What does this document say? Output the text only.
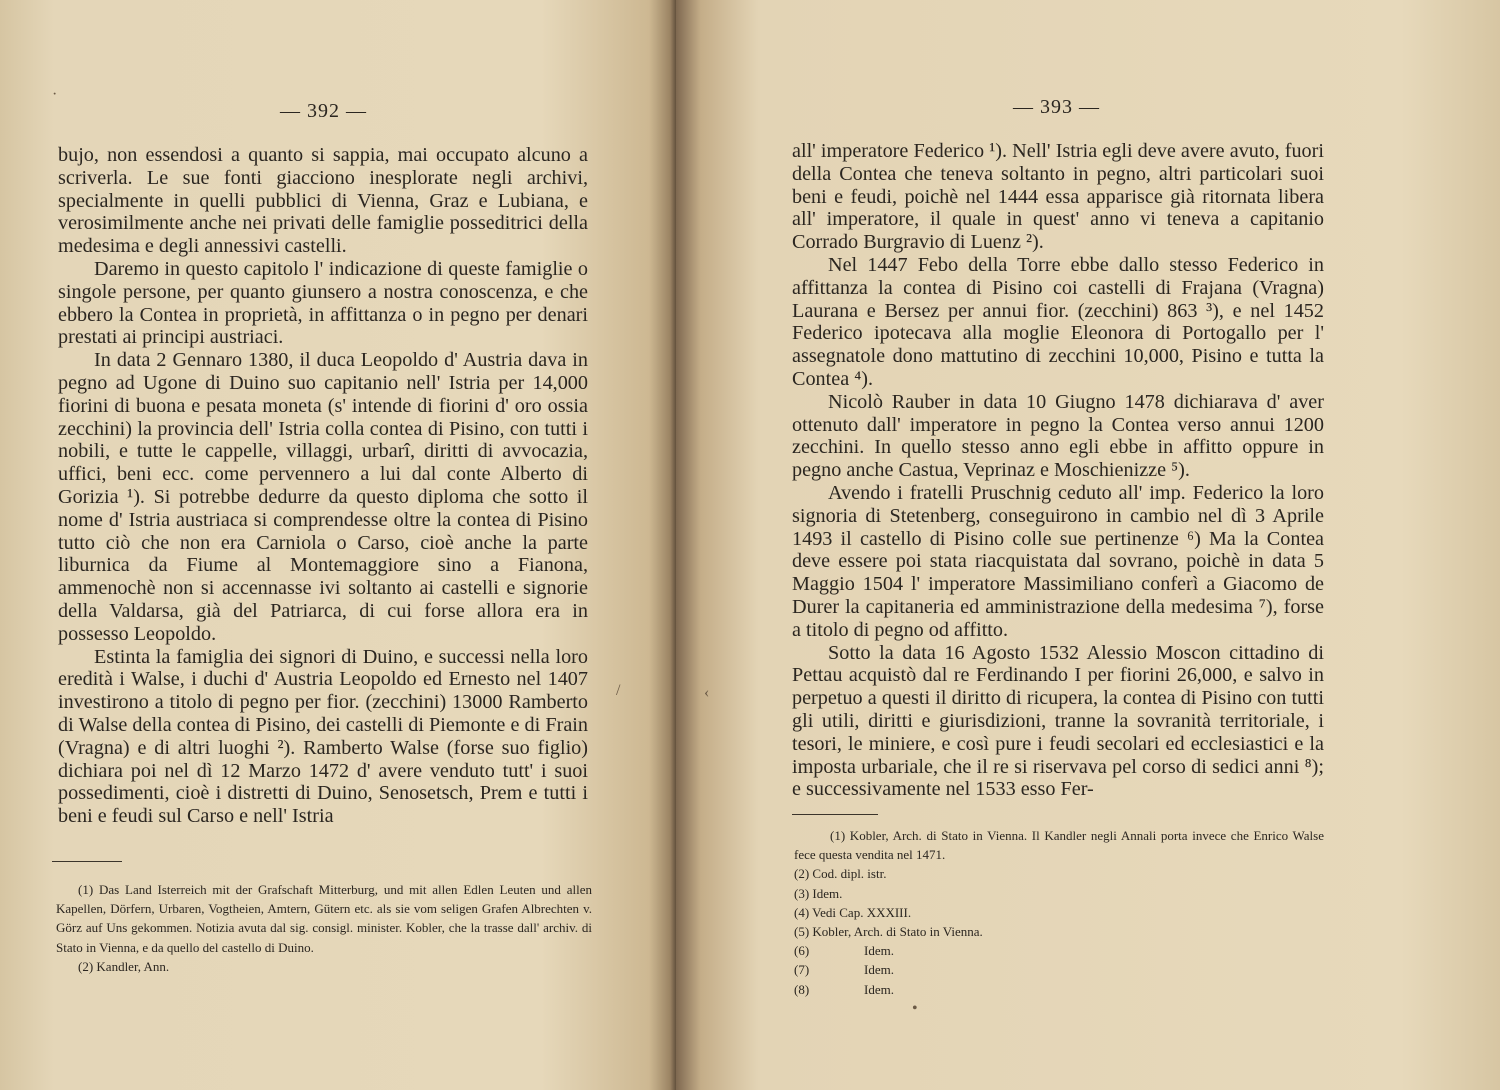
— 392 —

bujo, non essendosi a quanto si sappia, mai occupato alcuno a scriverla. Le sue fonti giacciono inesplorate negli archivi, specialmente in quelli pubblici di Vienna, Graz e Lubiana, e verosimilmente anche nei privati delle famiglie posseditrici della medesima e degli annessivi castelli.

Daremo in questo capitolo l' indicazione di queste famiglie o singole persone, per quanto giunsero a nostra conoscenza, e che ebbero la Contea in proprietà, in affittanza o in pegno per denari prestati ai principi austriaci.

In data 2 Gennaro 1380, il duca Leopoldo d' Austria dava in pegno ad Ugone di Duino suo capitanio nell' Istria per 14,000 fiorini di buona e pesata moneta (s' intende di fiorini d' oro ossia zecchini) la provincia dell' Istria colla contea di Pisino, con tutti i nobili, e tutte le cappelle, villaggi, urbarî, diritti di avvocazia, uffici, beni ecc. come pervennero a lui dal conte Alberto di Gorizia ¹). Si potrebbe dedurre da questo diploma che sotto il nome d' Istria austriaca si comprendesse oltre la contea di Pisino tutto ciò che non era Carniola o Carso, cioè anche la parte liburnica da Fiume al Montemaggiore sino a Fianona, ammenochè non si accennasse ivi soltanto ai castelli e signorie della Valdarsa, già del Patriarca, di cui forse allora era in possesso Leopoldo.

Estinta la famiglia dei signori di Duino, e successi nella loro eredità i Walse, i duchi d' Austria Leopoldo ed Ernesto nel 1407 investirono a titolo di pegno per fior. (zecchini) 13000 Ramberto di Walse della contea di Pisino, dei castelli di Piemonte e di Frain (Vragna) e di altri luoghi ²). Ramberto Walse (forse suo figlio) dichiara poi nel dì 12 Marzo 1472 d' avere venduto tutt' i suoi possedimenti, cioè i distretti di Duino, Senosetsch, Prem e tutti i beni e feudi sul Carso e nell' Istria

(1) Das Land Isterreich mit der Grafschaft Mitterburg, und mit allen Edlen Leuten und allen Kapellen, Dörfern, Urbaren, Vogtheien, Amtern, Gütern etc. als sie vom seligen Grafen Albrechten v. Görz auf Uns gekommen. Notizia avuta dal sig. consigl. minister. Kobler, che la trasse dall' archiv. di Stato in Vienna, e da quello del castello di Duino.

(2) Kandler, Ann.

·
/
— 393 —

all' imperatore Federico ¹). Nell' Istria egli deve avere avuto, fuori della Contea che teneva soltanto in pegno, altri particolari suoi beni e feudi, poichè nel 1444 essa apparisce già ritornata libera all' imperatore, il quale in quest' anno vi teneva a capitanio Corrado Burgravio di Luenz ²).

Nel 1447 Febo della Torre ebbe dallo stesso Federico in affittanza la contea di Pisino coi castelli di Frajana (Vragna) Laurana e Bersez per annui fior. (zecchini) 863 ³), e nel 1452 Federico ipotecava alla moglie Eleonora di Portogallo per l' assegnatole dono mattutino di zecchini 10,000, Pisino e tutta la Contea ⁴).

Nicolò Rauber in data 10 Giugno 1478 dichiarava d' aver ottenuto dall' imperatore in pegno la Contea verso annui 1200 zecchini. In quello stesso anno egli ebbe in affitto oppure in pegno anche Castua, Veprinaz e Moschienizze ⁵).

Avendo i fratelli Pruschnig ceduto all' imp. Federico la loro signoria di Stetenberg, conseguirono in cambio nel dì 3 Aprile 1493 il castello di Pisino colle sue pertinenze ⁶) Ma la Contea deve essere poi stata riacquistata dal sovrano, poichè in data 5 Maggio 1504 l' imperatore Massimiliano conferì a Giacomo de Durer la capitaneria ed amministrazione della medesima ⁷), forse a titolo di pegno od affitto.

Sotto la data 16 Agosto 1532 Alessio Moscon cittadino di Pettau acquistò dal re Ferdinando I per fiorini 26,000, e salvo in perpetuo a questi il diritto di ricupera, la contea di Pisino con tutti gli utili, diritti e giurisdizioni, tranne la sovranità territoriale, i tesori, le miniere, e così pure i feudi secolari ed ecclesiastici e la imposta urbariale, che il re si riservava pel corso di sedici anni ⁸); e successivamente nel 1533 esso Fer-

(1) Kobler, Arch. di Stato in Vienna. Il Kandler negli Annali porta invece che Enrico Walse fece questa vendita nel 1471.

(2) Cod. dipl. istr.

(3) Idem.

(4) Vedi Cap. XXXIII.

(5) Kobler, Arch. di Stato in Vienna.

(6)	Idem.

(7)	Idem.

(8)	Idem.

‹
•
